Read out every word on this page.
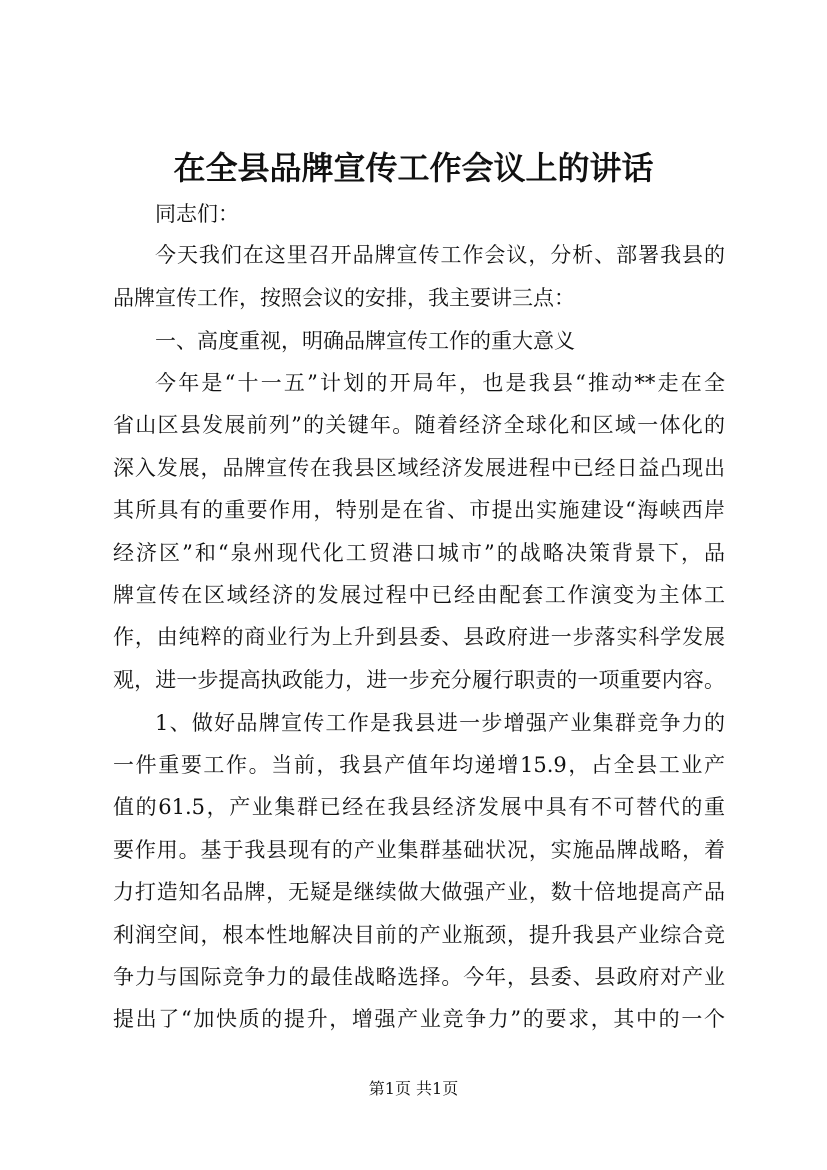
在全县品牌宣传工作会议上的讲话
同志们：
今天我们在这里召开品牌宣传工作会议，分析、部署我县的
品牌宣传工作，按照会议的安排，我主要讲三点：
一、高度重视，明确品牌宣传工作的重大意义
今年是“十一五”计划的开局年，也是我县“推动**走在全
省山区县发展前列”的关键年。随着经济全球化和区域一体化的
深入发展，品牌宣传在我县区域经济发展进程中已经日益凸现出
其所具有的重要作用，特别是在省、市提出实施建设“海峡西岸
经济区”和“泉州现代化工贸港口城市”的战略决策背景下，品
牌宣传在区域经济的发展过程中已经由配套工作演变为主体工
作，由纯粹的商业行为上升到县委、县政府进一步落实科学发展
观，进一步提高执政能力，进一步充分履行职责的一项重要内容。
1、做好品牌宣传工作是我县进一步增强产业集群竞争力的
一件重要工作。当前，我县产值年均递增15.9，占全县工业产
值的61.5，产业集群已经在我县经济发展中具有不可替代的重
要作用。基于我县现有的产业集群基础状况，实施品牌战略，着
力打造知名品牌，无疑是继续做大做强产业，数十倍地提高产品
利润空间，根本性地解决目前的产业瓶颈，提升我县产业综合竞
争力与国际竞争力的最佳战略选择。今年，县委、县政府对产业
提出了“加快质的提升，增强产业竞争力”的要求，其中的一个
第1页 共1页
